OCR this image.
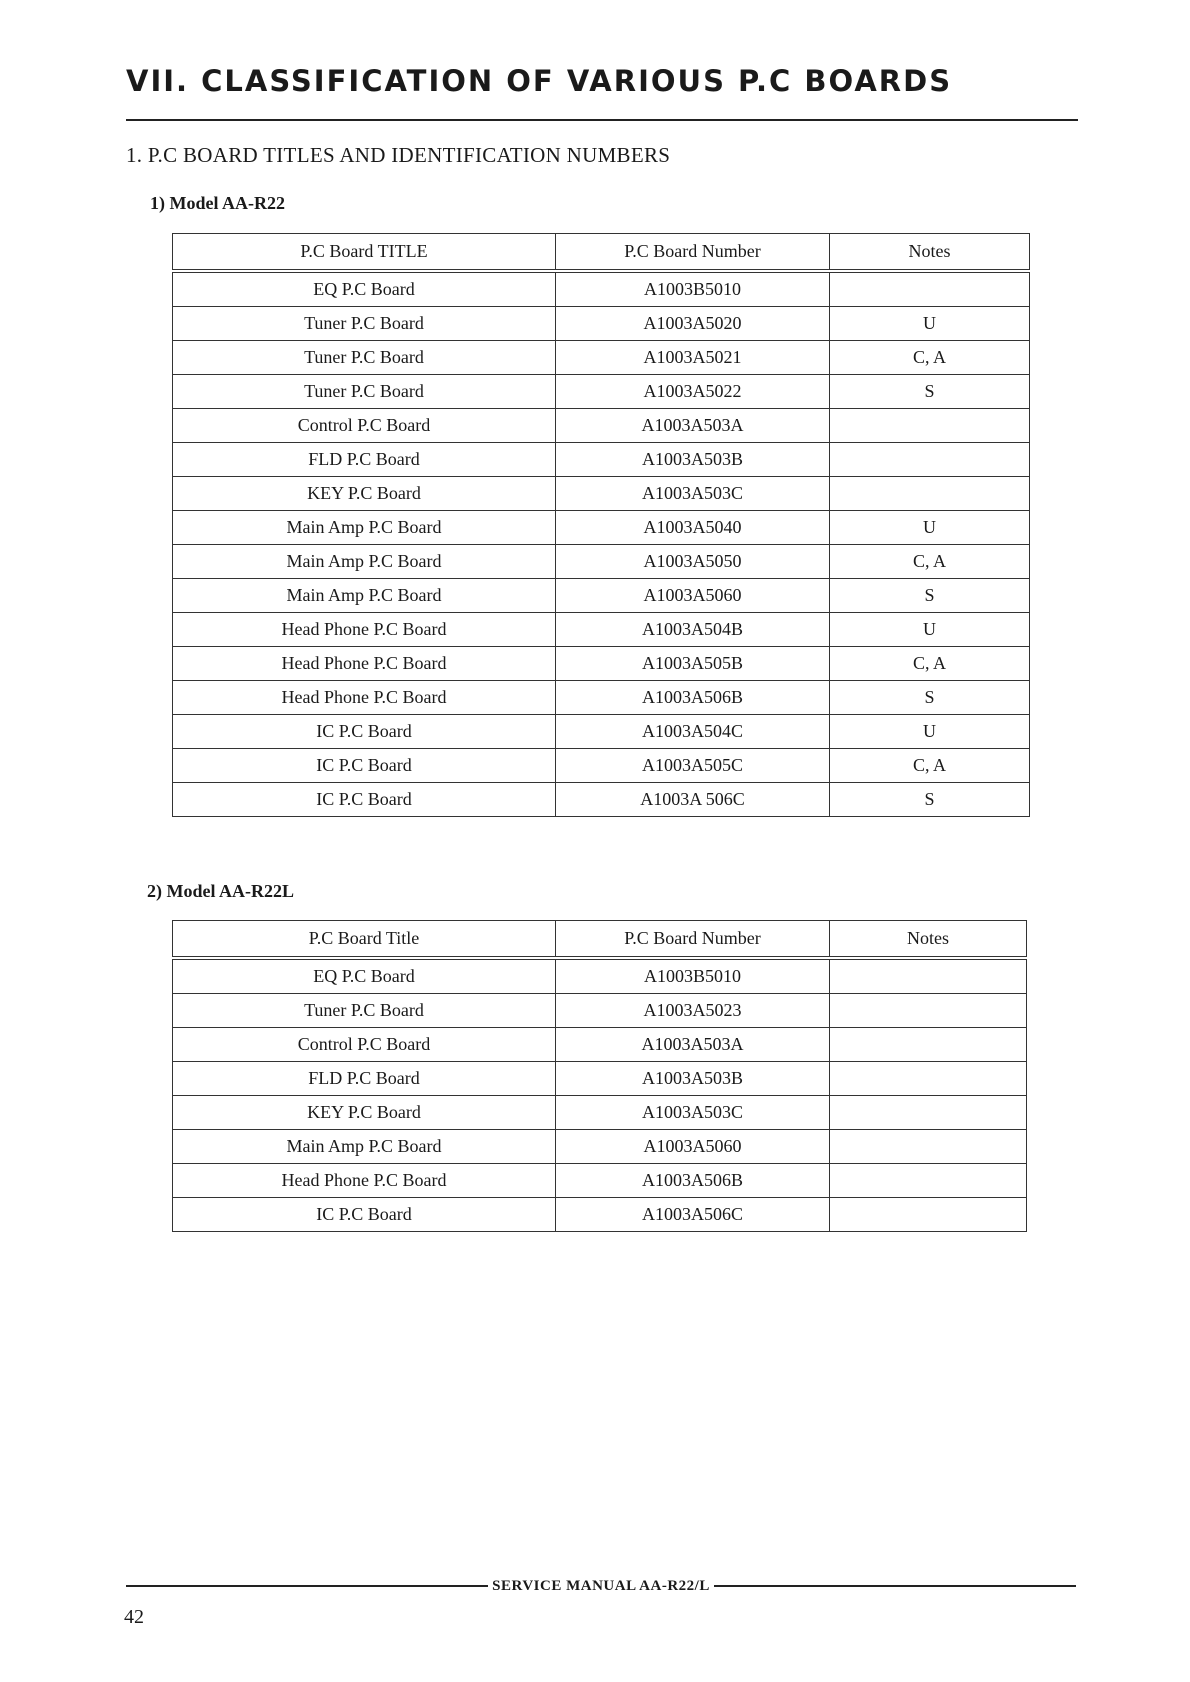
VII. CLASSIFICATION OF VARIOUS P.C BOARDS
1. P.C BOARD TITLES AND IDENTIFICATION NUMBERS
1) Model AA-R22
P.C Board TITLE	P.C Board Number	Notes
EQ P.C Board	A1003B5010	
Tuner P.C Board	A1003A5020	U
Tuner P.C Board	A1003A5021	C, A
Tuner P.C Board	A1003A5022	S
Control P.C Board	A1003A503A	
FLD P.C Board	A1003A503B	
KEY P.C Board	A1003A503C	
Main Amp P.C Board	A1003A5040	U
Main Amp P.C Board	A1003A5050	C, A
Main Amp P.C Board	A1003A5060	S
Head Phone P.C Board	A1003A504B	U
Head Phone P.C Board	A1003A505B	C, A
Head Phone P.C Board	A1003A506B	S
IC P.C Board	A1003A504C	U
IC P.C Board	A1003A505C	C, A
IC P.C Board	A1003A 506C	S
2) Model AA-R22L
P.C Board Title	P.C Board Number	Notes
EQ P.C Board	A1003B5010	
Tuner P.C Board	A1003A5023	
Control P.C Board	A1003A503A	
FLD P.C Board	A1003A503B	
KEY P.C Board	A1003A503C	
Main Amp P.C Board	A1003A5060	
Head Phone P.C Board	A1003A506B	
IC P.C Board	A1003A506C	
SERVICE MANUAL AA-R22/L
42
